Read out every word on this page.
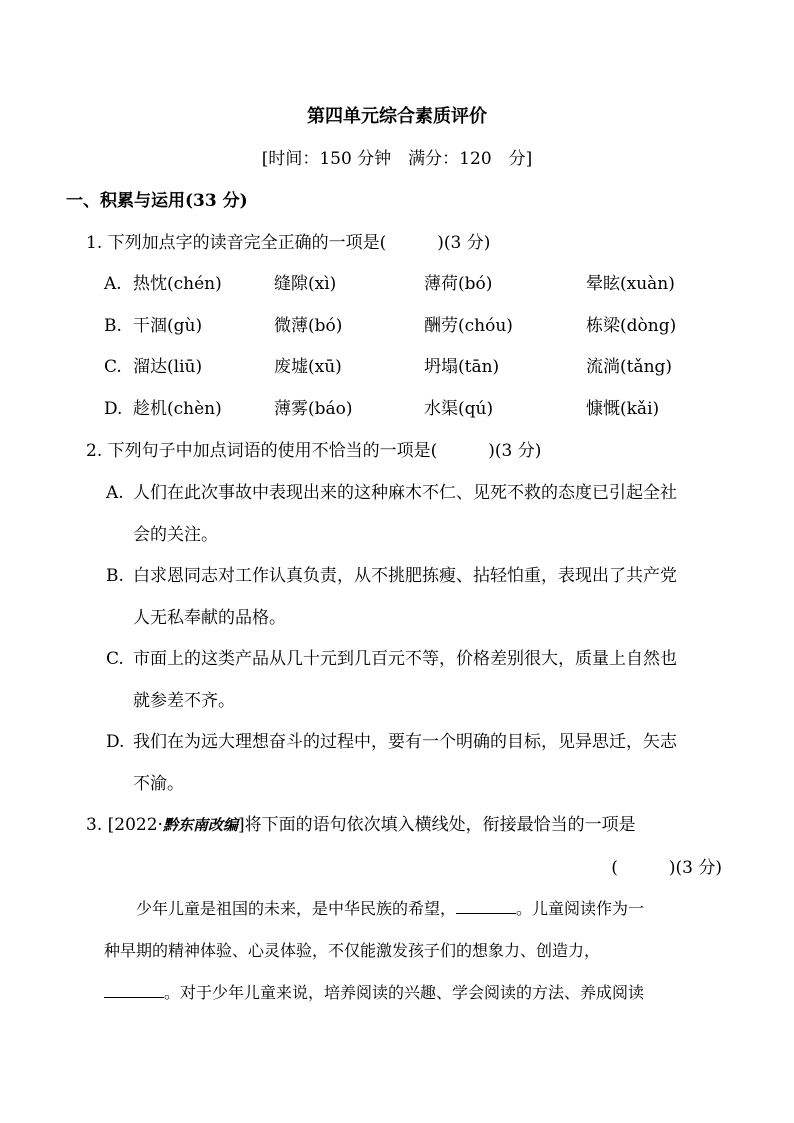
第四单元综合素质评价
[时间：150 分钟　满分：120　分]
一、积累与运用(33 分)
1. 下列加点字的读音完全正确的一项是(　　　)(3 分)
A. 热忱(chén)	缝隙(xì)	薄荷(bó)	晕眩(xuàn)
B. 干涸(gù)	微薄(bó)	酬劳(chóu)	栋梁(dòng)
C. 溜达(liū)	废墟(xū)	坍塌(tān)	流淌(tǎng)
D. 趁机(chèn)	薄雾(báo)	水渠(qú)	慷慨(kǎi)
2. 下列句子中加点词语的使用不恰当的一项是(　　　)(3 分)
A. 人们在此次事故中表现出来的这种麻木不仁、见死不救的态度已引起全社
会的关注。
B. 白求恩同志对工作认真负责，从不挑肥拣瘦、拈轻怕重，表现出了共产党
人无私奉献的品格。
C. 市面上的这类产品从几十元到几百元不等，价格差别很大，质量上自然也
就参差不齐。
D. 我们在为远大理想奋斗的过程中，要有一个明确的目标，见异思迁，矢志
不渝。
3. [2022·黔东南改编]将下面的语句依次填入横线处，衔接最恰当的一项是
(　　　)(3 分)
少年儿童是祖国的未来，是中华民族的希望，	。儿童阅读作为一
种早期的精神体验、心灵体验，不仅能激发孩子们的想象力、创造力，
。对于少年儿童来说，培养阅读的兴趣、学会阅读的方法、养成阅读
